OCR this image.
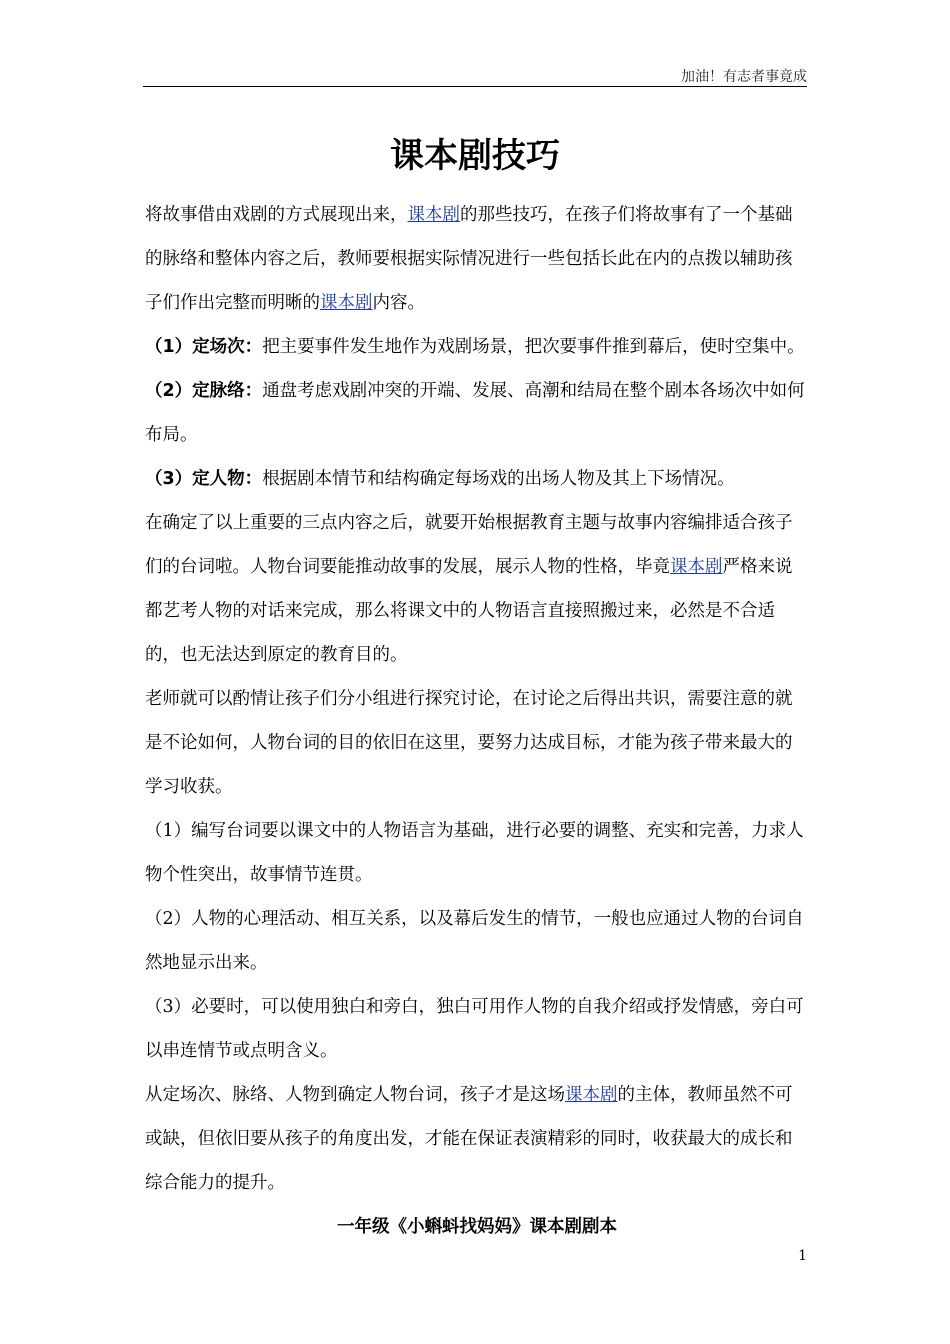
加油！有志者事竟成
课本剧技巧

将故事借由戏剧的方式展现出来，课本剧的那些技巧，在孩子们将故事有了一个基础的脉络和整体内容之后，教师要根据实际情况进行一些包括长此在内的点拨以辅助孩子们作出完整而明晰的课本剧内容。

（1）定场次：把主要事件发生地作为戏剧场景，把次要事件推到幕后，使时空集中。

（2）定脉络：通盘考虑戏剧冲突的开端、发展、高潮和结局在整个剧本各场次中如何布局。

（3）定人物：根据剧本情节和结构确定每场戏的出场人物及其上下场情况。

在确定了以上重要的三点内容之后，就要开始根据教育主题与故事内容编排适合孩子们的台词啦。人物台词要能推动故事的发展，展示人物的性格，毕竟课本剧严格来说都艺考人物的对话来完成，那么将课文中的人物语言直接照搬过来，必然是不合适的，也无法达到原定的教育目的。

老师就可以酌情让孩子们分小组进行探究讨论，在讨论之后得出共识，需要注意的就是不论如何，人物台词的目的依旧在这里，要努力达成目标，才能为孩子带来最大的学习收获。

（1）编写台词要以课文中的人物语言为基础，进行必要的调整、充实和完善，力求人物个性突出，故事情节连贯。

（2）人物的心理活动、相互关系，以及幕后发生的情节，一般也应通过人物的台词自然地显示出来。

（3）必要时，可以使用独白和旁白，独白可用作人物的自我介绍或抒发情感，旁白可以串连情节或点明含义。

从定场次、脉络、人物到确定人物台词，孩子才是这场课本剧的主体，教师虽然不可或缺，但依旧要从孩子的角度出发，才能在保证表演精彩的同时，收获最大的成长和综合能力的提升。

一年级《小蝌蚪找妈妈》课本剧剧本

1
